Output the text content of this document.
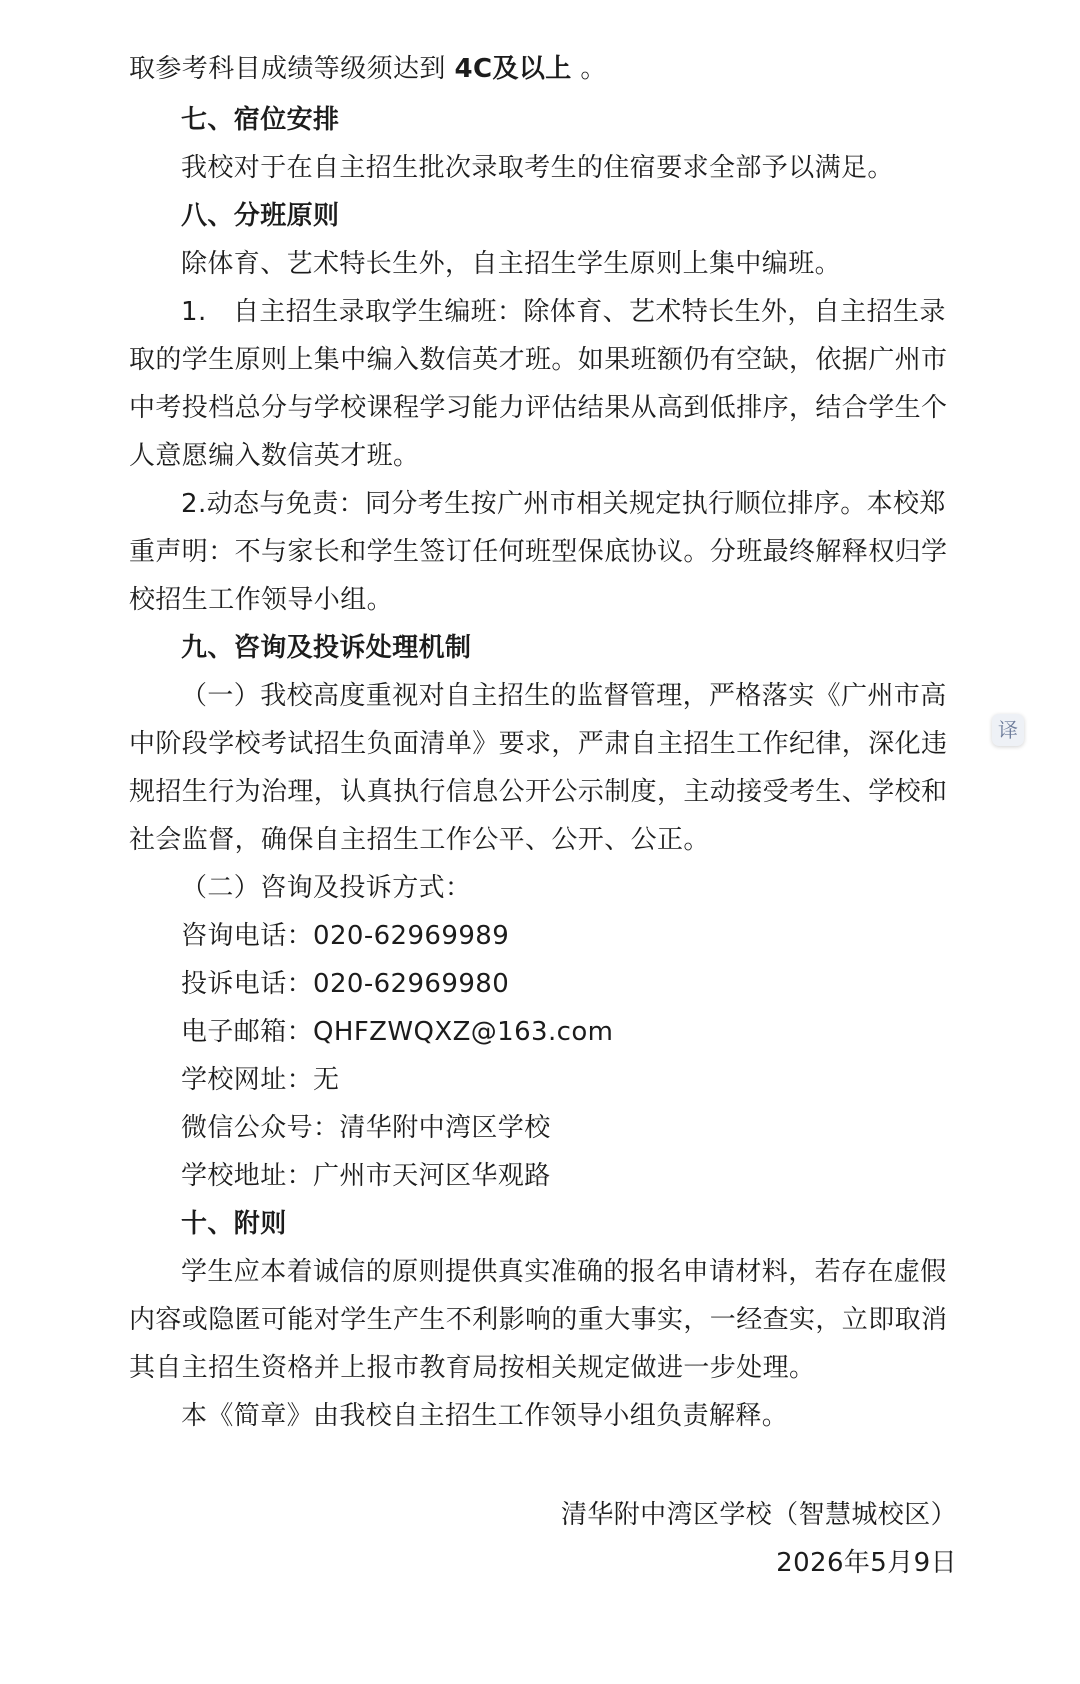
取参考科目成绩等级须达到 4C及以上 。
七、宿位安排
我校对于在自主招生批次录取考生的住宿要求全部予以满足。
八、分班原则
除体育、艺术特长生外，自主招生学生原则上集中编班。
1.　自主招生录取学生编班：除体育、艺术特长生外，自主招生录
取的学生原则上集中编入数信英才班。如果班额仍有空缺，依据广州市
中考投档总分与学校课程学习能力评估结果从高到低排序，结合学生个
人意愿编入数信英才班。
2.动态与免责：同分考生按广州市相关规定执行顺位排序。本校郑
重声明：不与家长和学生签订任何班型保底协议。分班最终解释权归学
校招生工作领导小组。
九、咨询及投诉处理机制
（一）我校高度重视对自主招生的监督管理，严格落实《广州市高
中阶段学校考试招生负面清单》要求，严肃自主招生工作纪律，深化违
规招生行为治理，认真执行信息公开公示制度，主动接受考生、学校和
社会监督，确保自主招生工作公平、公开、公正。
（二）咨询及投诉方式：
咨询电话：020-62969989
投诉电话：020-62969980
电子邮箱：QHFZWQXZ@163.com
学校网址：无
微信公众号：清华附中湾区学校
学校地址：广州市天河区华观路
十、附则
学生应本着诚信的原则提供真实准确的报名申请材料，若存在虚假
内容或隐匿可能对学生产生不利影响的重大事实，一经查实，立即取消
其自主招生资格并上报市教育局按相关规定做进一步处理。
本《简章》由我校自主招生工作领导小组负责解释。
清华附中湾区学校（智慧城校区）
2026年5月9日
译
